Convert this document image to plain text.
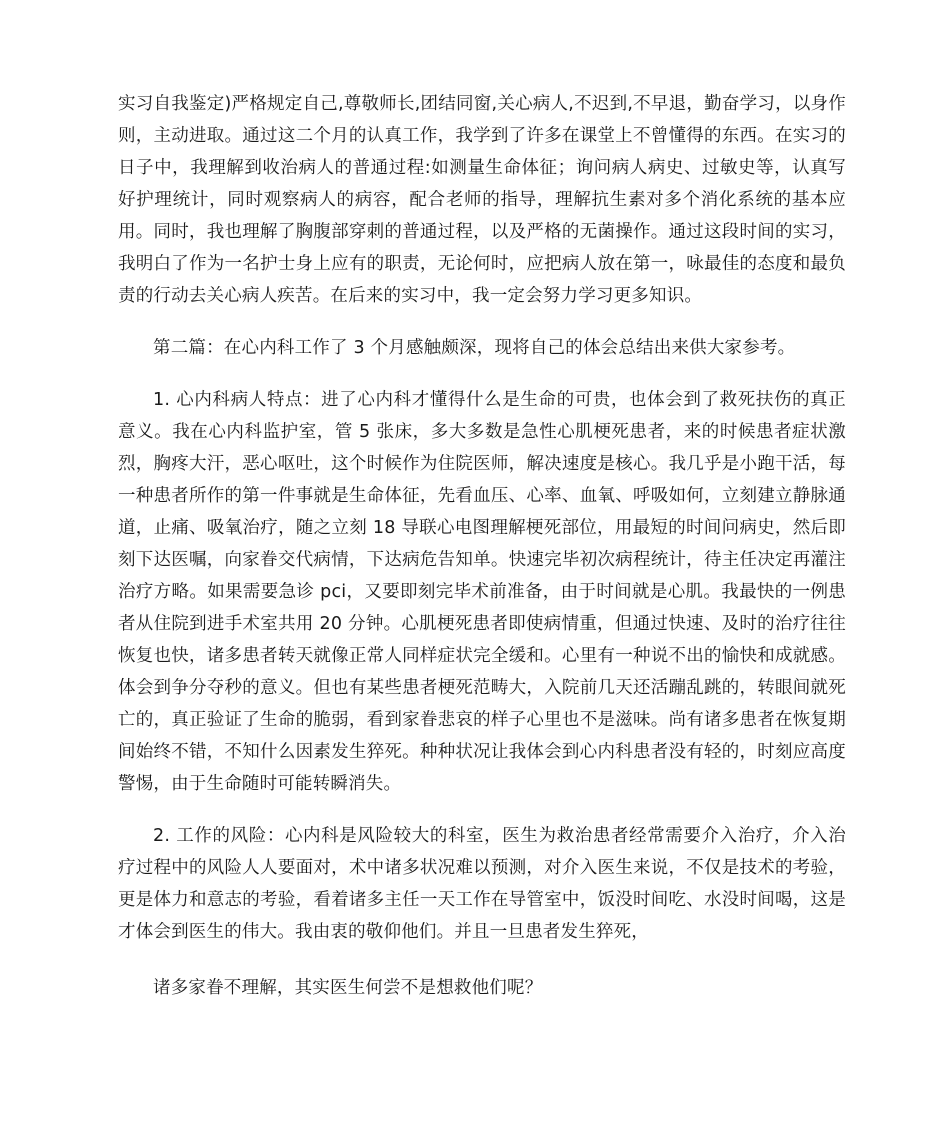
实习自我鉴定)严格规定自己,尊敬师长,团结同窗,关心病人,不迟到,不早退，勤奋学习，以身作则，主动进取。通过这二个月的认真工作，我学到了许多在课堂上不曾懂得的东西。在实习的日子中，我理解到收治病人的普通过程:如测量生命体征；询问病人病史、过敏史等，认真写好护理统计，同时观察病人的病容，配合老师的指导，理解抗生素对多个消化系统的基本应用。同时，我也理解了胸腹部穿刺的普通过程，以及严格的无菌操作。通过这段时间的实习，我明白了作为一名护士身上应有的职责，无论何时，应把病人放在第一，咏最佳的态度和最负责的行动去关心病人疾苦。在后来的实习中，我一定会努力学习更多知识。

第二篇：在心内科工作了 3 个月感触颇深，现将自己的体会总结出来供大家参考。

1. 心内科病人特点：进了心内科才懂得什么是生命的可贵，也体会到了救死扶伤的真正意义。我在心内科监护室，管 5 张床，多大多数是急性心肌梗死患者，来的时候患者症状激烈，胸疼大汗，恶心呕吐，这个时候作为住院医师，解决速度是核心。我几乎是小跑干活，每一种患者所作的第一件事就是生命体征，先看血压、心率、血氧、呼吸如何，立刻建立静脉通道，止痛、吸氧治疗，随之立刻 18 导联心电图理解梗死部位，用最短的时间问病史，然后即刻下达医嘱，向家眷交代病情，下达病危告知单。快速完毕初次病程统计，待主任决定再灌注治疗方略。如果需要急诊 pci，又要即刻完毕术前准备，由于时间就是心肌。我最快的一例患者从住院到进手术室共用 20 分钟。心肌梗死患者即使病情重，但通过快速、及时的治疗往往恢复也快，诸多患者转天就像正常人同样症状完全缓和。心里有一种说不出的愉快和成就感。体会到争分夺秒的意义。但也有某些患者梗死范畴大，入院前几天还活蹦乱跳的，转眼间就死亡的，真正验证了生命的脆弱，看到家眷悲哀的样子心里也不是滋味。尚有诸多患者在恢复期间始终不错，不知什么因素发生猝死。种种状况让我体会到心内科患者没有轻的，时刻应高度警惕，由于生命随时可能转瞬消失。

2. 工作的风险：心内科是风险较大的科室，医生为救治患者经常需要介入治疗，介入治疗过程中的风险人人要面对，术中诸多状况难以预测，对介入医生来说，不仅是技术的考验，更是体力和意志的考验，看着诸多主任一天工作在导管室中，饭没时间吃、水没时间喝，这是才体会到医生的伟大。我由衷的敬仰他们。并且一旦患者发生猝死，

诸多家眷不理解，其实医生何尝不是想救他们呢？
